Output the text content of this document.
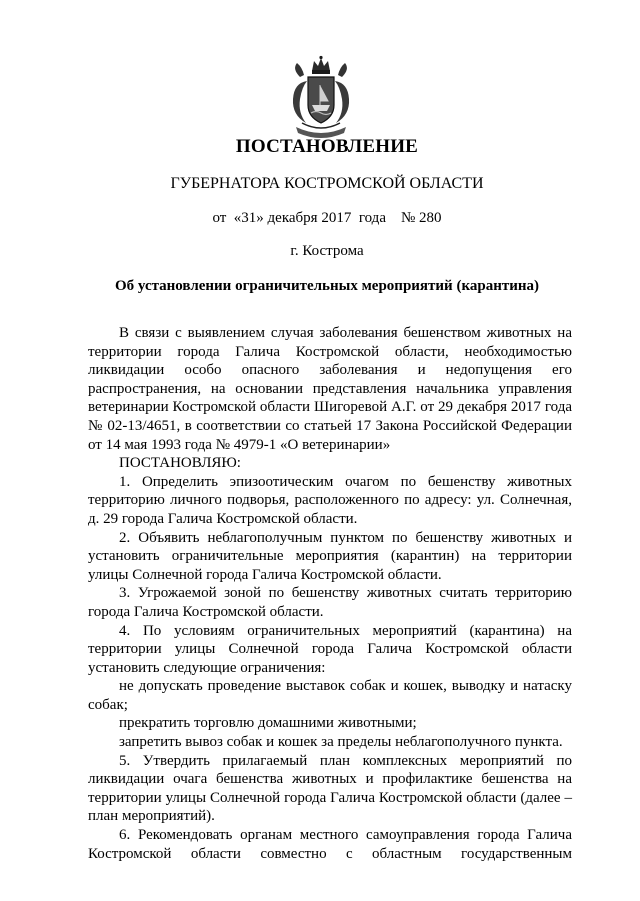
ПОСТАНОВЛЕНИЕ
ГУБЕРНАТОРА КОСТРОМСКОЙ ОБЛАСТИ
от  «31» декабря 2017  года    № 280
г. Кострома
Об установлении ограничительных мероприятий (карантина)

В связи с выявлением случая заболевания бешенством животных на территории города Галича Костромской области, необходимостью ликвидации особо опасного заболевания и недопущения его распространения, на основании представления начальника управления ветеринарии Костромской области Шигоревой А.Г. от 29 декабря 2017 года № 02-13/4651, в соответствии со статьей 17 Закона Российской Федерации от 14 мая 1993 года № 4979-1 «О ветеринарии»

ПОСТАНОВЛЯЮ:

1. Определить эпизоотическим очагом по бешенству животных территорию личного подворья, расположенного по адресу: ул. Солнечная, д. 29 города Галича Костромской области.

2. Объявить неблагополучным пунктом по бешенству животных и установить ограничительные мероприятия (карантин) на территории улицы Солнечной города Галича Костромской области.

3. Угрожаемой зоной по бешенству животных считать территорию города Галича Костромской области.

4. По условиям ограничительных мероприятий (карантина) на территории улицы Солнечной города Галича Костромской области установить следующие ограничения:

не допускать проведение выставок собак и кошек, выводку и натаску собак;

прекратить торговлю домашними животными;

запретить вывоз собак и кошек за пределы неблагополучного пункта.

5. Утвердить прилагаемый план комплексных мероприятий по ликвидации очага бешенства животных и профилактике бешенства на территории улицы Солнечной города Галича Костромской области (далее – план мероприятий).

6. Рекомендовать органам местного самоуправления города Галича Костромской области совместно с областным государственным
